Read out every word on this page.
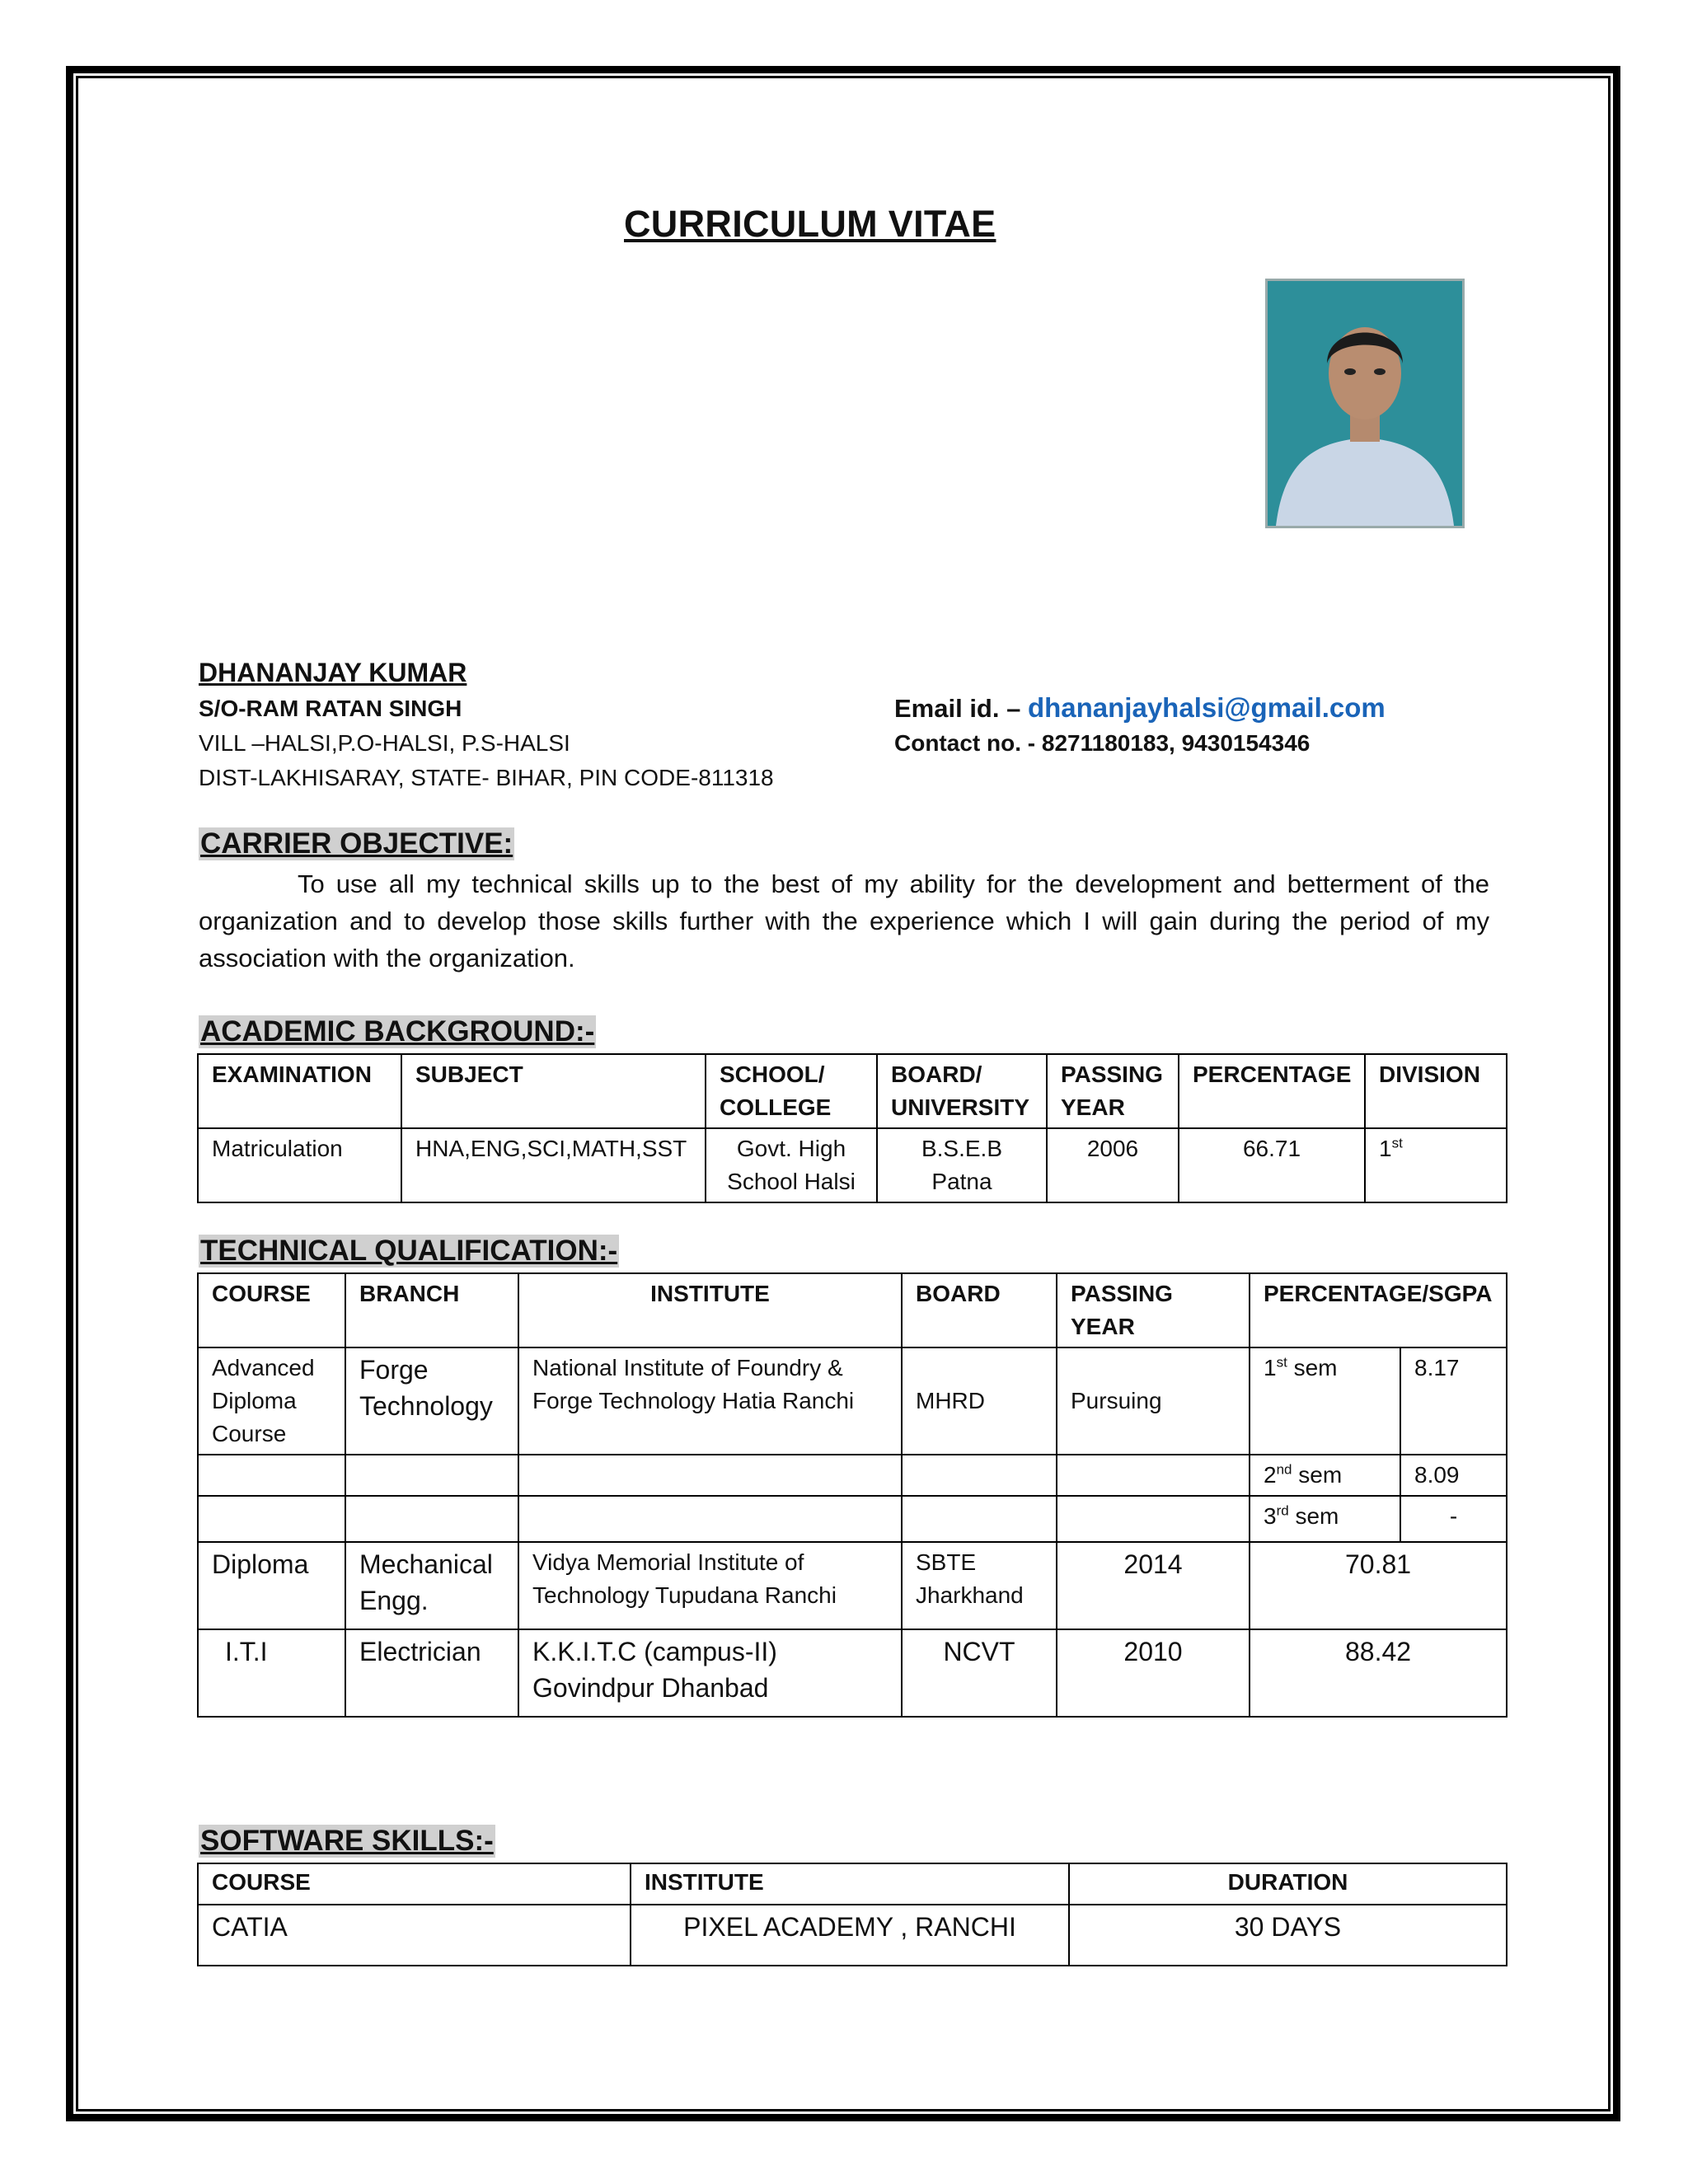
CURRICULUM VITAE
DHANANJAY KUMAR
S/O-RAM RATAN SINGH
VILL –HALSI,P.O-HALSI, P.S-HALSI
DIST-LAKHISARAY, STATE- BIHAR, PIN CODE-811318
Email id. – dhananjayhalsi@gmail.com
Contact no. - 8271180183, 9430154346
CARRIER OBJECTIVE:
To use all my technical skills up to the best of my ability for the development and betterment of the organization and to develop those skills further with the experience which I will gain during the period of my association with the organization.
ACADEMIC BACKGROUND:-
EXAMINATION	SUBJECT	SCHOOL/ COLLEGE	BOARD/ UNIVERSITY	PASSING YEAR	PERCENTAGE	DIVISION
Matriculation	HNA,ENG,SCI,MATH,SST	Govt. High School Halsi	B.S.E.B Patna	2006	66.71	1st
TECHNICAL QUALIFICATION:-
COURSE	BRANCH	INSTITUTE	BOARD	PASSING YEAR	PERCENTAGE/SGPA	
Advanced Diploma Course	Forge Technology	National Institute of Foundry & Forge Technology Hatia Ranchi	MHRD	Pursuing	1st sem	8.17
					2nd sem	8.09
					3rd sem	-
Diploma	Mechanical Engg.	Vidya Memorial Institute of Technology Tupudana Ranchi	SBTE Jharkhand	2014	70.81	
I.T.I	Electrician	K.K.I.T.C (campus-II) Govindpur Dhanbad	NCVT	2010	88.42	
SOFTWARE SKILLS:-
COURSE	INSTITUTE	DURATION
CATIA	PIXEL ACADEMY , RANCHI	30 DAYS
